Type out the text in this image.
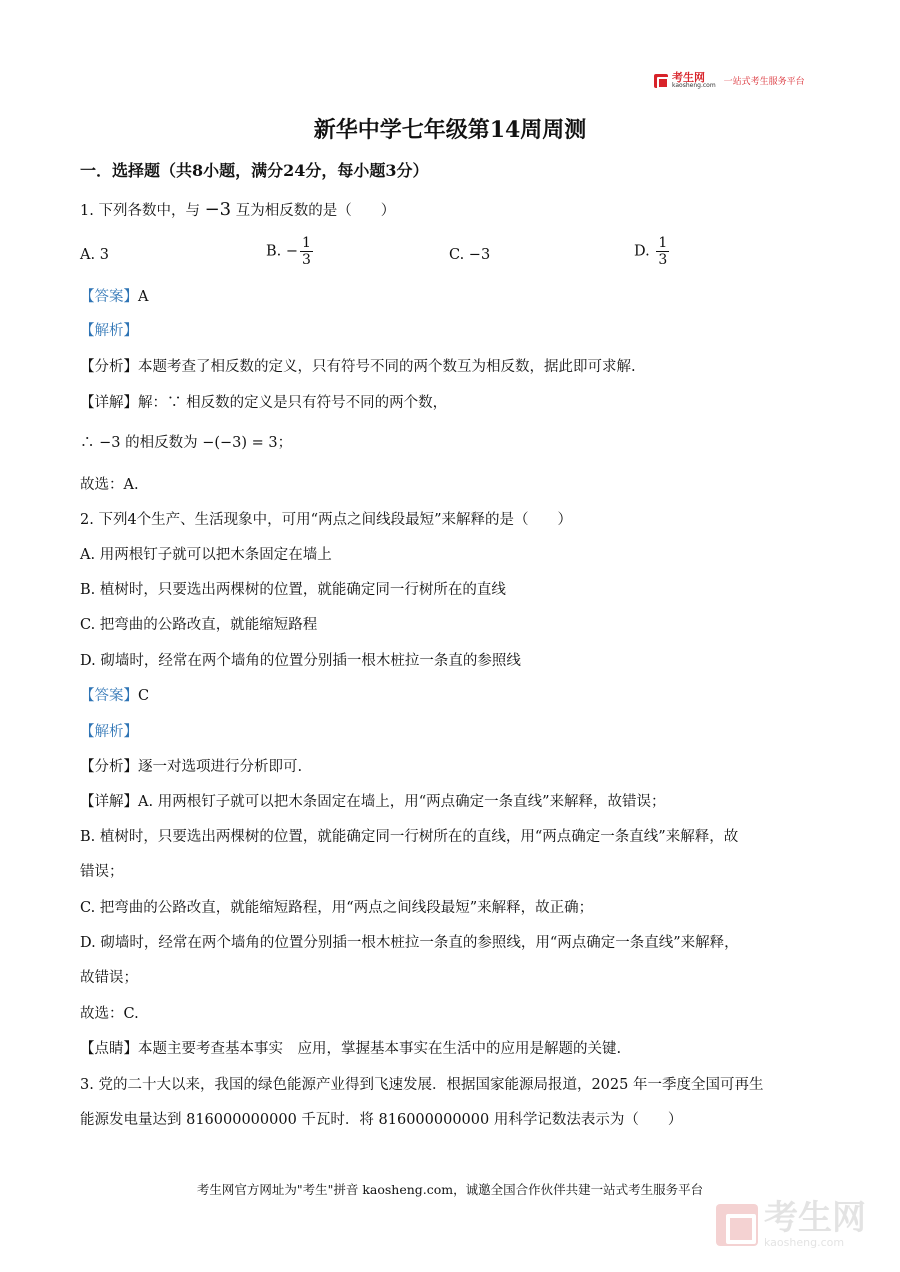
考生网
kaosheng.com 一站式考生服务平台
新华中学七年级第14周周测
一．选择题（共8小题，满分24分，每小题3分）
1. 下列各数中，与 −3 互为相反数的是（　　）
A. 3	B. − $\frac{1}{3}$	C. −3	D. $\frac{1}{3}$
【答案】A
【解析】
【分析】本题考查了相反数的定义，只有符号不同的两个数互为相反数，据此即可求解.
【详解】解：∵ 相反数的定义是只有符号不同的两个数，
∴ −3 的相反数为 −(−3) = 3；
故选：A.
2. 下列4个生产、生活现象中，可用“两点之间线段最短”来解释的是（　　）
A. 用两根钉子就可以把木条固定在墙上
B. 植树时，只要选出两棵树的位置，就能确定同一行树所在的直线
C. 把弯曲的公路改直，就能缩短路程
D. 砌墙时，经常在两个墙角的位置分别插一根木桩拉一条直的参照线
【答案】C
【解析】
【分析】逐一对选项进行分析即可.
【详解】A. 用两根钉子就可以把木条固定在墙上，用“两点确定一条直线”来解释，故错误；
B. 植树时，只要选出两棵树的位置，就能确定同一行树所在的直线，用“两点确定一条直线”来解释，故
错误；
C. 把弯曲的公路改直，就能缩短路程，用“两点之间线段最短”来解释，故正确；
D. 砌墙时，经常在两个墙角的位置分别插一根木桩拉一条直的参照线，用“两点确定一条直线”来解释，
故错误；
故选：C.
【点睛】本题主要考查基本事实　应用，掌握基本事实在生活中的应用是解题的关键.
3. 党的二十大以来，我国的绿色能源产业得到飞速发展．根据国家能源局报道，2025 年一季度全国可再生
能源发电量达到 816000000000 千瓦时．将 816000000000 用科学记数法表示为（　　）
考生网官方网址为"考生"拼音 kaosheng.com，诚邀全国合作伙伴共建一站式考生服务平台
考生网
kaosheng.com
